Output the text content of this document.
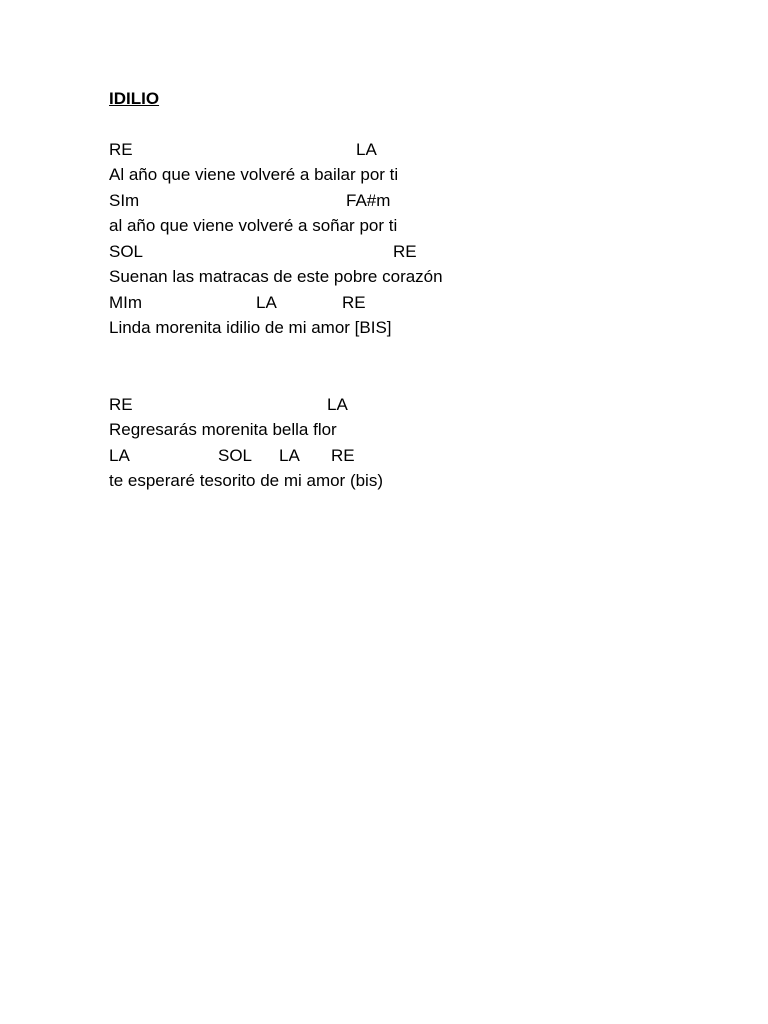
IDILIO
RE	LA
Al año que viene volveré a bailar por ti
SIm	FA#m
al año que viene volveré a soñar por ti
SOL	RE
Suenan las matracas de este pobre corazón
MIm	LA	RE
Linda morenita idilio de mi amor [BIS]
RE	LA
Regresarás morenita bella flor
LA	SOL LA RE
te esperaré tesorito de mi amor (bis)
